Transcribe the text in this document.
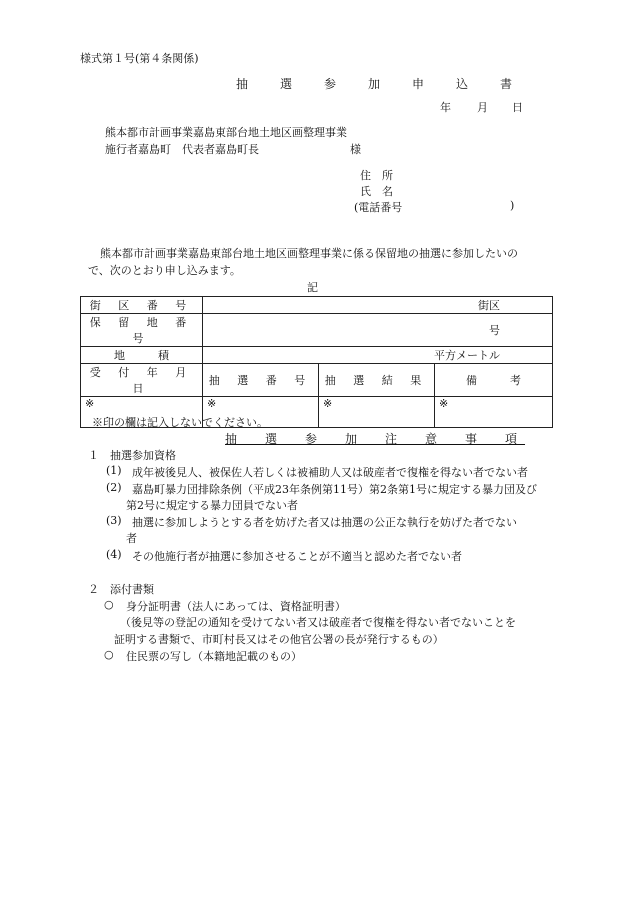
様式第１号(第４条関係)
抽　選　参　加　申　込　書
年 月 日
熊本都市計画事業嘉島東部台地土地区画整理事業
施行者嘉島町　代表者嘉島町長	様
住　所
氏　名
(電話番号	)
熊本都市計画事業嘉島東部台地土地区画整理事業に係る保留地の抽選に参加したいの
で、次のとおり申し込みます。
記
街 区 番 号	街区		
保 留 地 番 号	号		
地　　　積	平方メートル		
受 付 年 月 日	抽 選 番 号	抽 選 結 果	備　　　考
※	※	※	※
※印の欄は記入しないでください。
抽　選　参　加　注　意　事　項
１　抽選参加資格
(1) 成年被後見人、被保佐人若しくは被補助人又は破産者で復権を得ない者でない者
(2) 嘉島町暴力団排除条例（平成23年条例第11号）第2条第1号に規定する暴力団及び
第2号に規定する暴力団員でない者
(3) 抽選に参加しようとする者を妨げた者又は抽選の公正な執行を妨げた者でない
者
(4) その他施行者が抽選に参加させることが不適当と認めた者でない者
２　添付書類
○ 身分証明書（法人にあっては、資格証明書）
（後見等の登記の通知を受けてない者又は破産者で復権を得ない者でないことを
証明する書類で、市町村長又はその他官公署の長が発行するもの）
○ 住民票の写し（本籍地記載のもの）
